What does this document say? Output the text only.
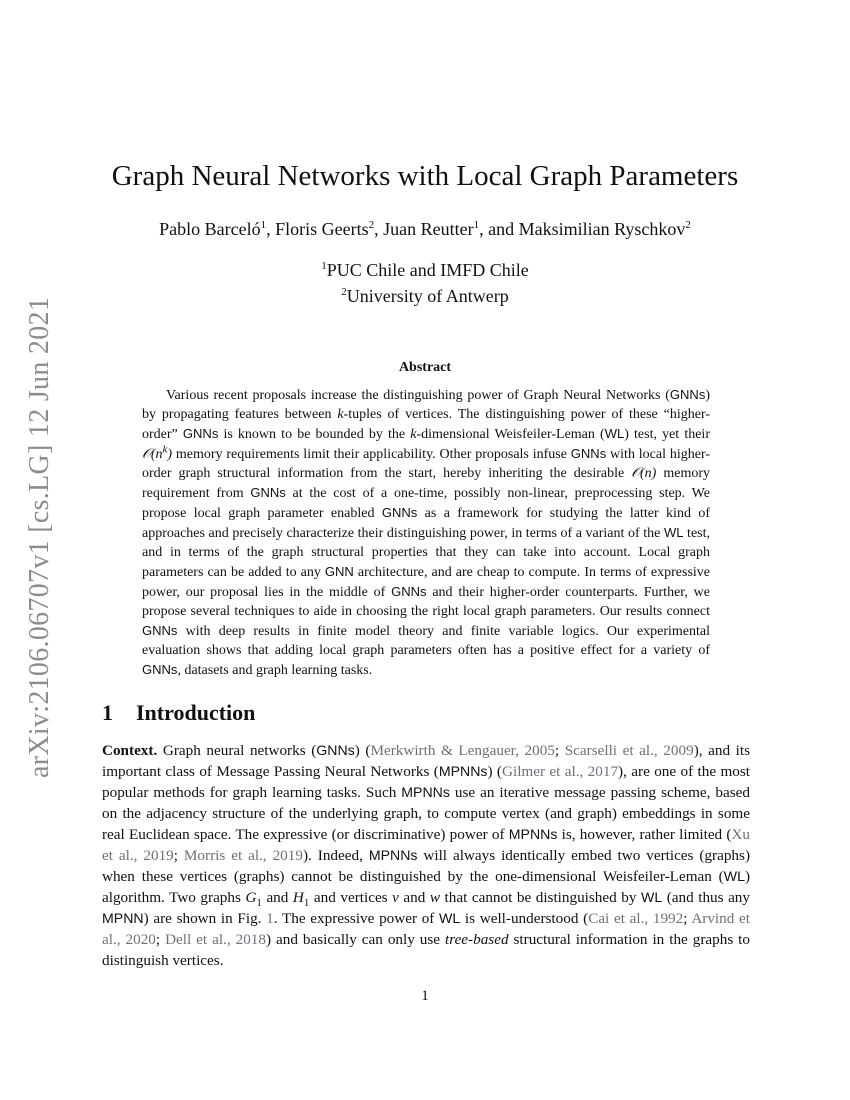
arXiv:2106.06707v1 [cs.LG] 12 Jun 2021
Graph Neural Networks with Local Graph Parameters
Pablo Barceló$^1$, Floris Geerts$^2$, Juan Reutter$^1$, and Maksimilian Ryschkov$^2$
$^1$PUC Chile and IMFD Chile
$^2$University of Antwerp
Abstract
Various recent proposals increase the distinguishing power of Graph Neural Networks (GNNs) by propagating features between k-tuples of vertices. The distinguishing power of these “higher-order” GNNs is known to be bounded by the k-dimensional Weisfeiler-Leman (WL) test, yet their $𝒪(n^k)$ memory requirements limit their applicability. Other proposals infuse GNNs with local higher-order graph structural information from the start, hereby inheriting the desirable 𝒪(n) memory requirement from GNNs at the cost of a one-time, possibly non-linear, preprocessing step. We propose local graph parameter enabled GNNs as a framework for studying the latter kind of approaches and precisely characterize their distinguishing power, in terms of a variant of the WL test, and in terms of the graph structural properties that they can take into account. Local graph parameters can be added to any GNN architecture, and are cheap to compute. In terms of expressive power, our proposal lies in the middle of GNNs and their higher-order counterparts. Further, we propose several techniques to aide in choosing the right local graph parameters. Our results connect GNNs with deep results in finite model theory and finite variable logics. Our experimental evaluation shows that adding local graph parameters often has a positive effect for a variety of GNNs, datasets and graph learning tasks.
1 Introduction
Context. Graph neural networks (GNNs) (Merkwirth & Lengauer, 2005; Scarselli et al., 2009), and its important class of Message Passing Neural Networks (MPNNs) (Gilmer et al., 2017), are one of the most popular methods for graph learning tasks. Such MPNNs use an iterative message passing scheme, based on the adjacency structure of the underlying graph, to compute vertex (and graph) embeddings in some real Euclidean space. The expressive (or discriminative) power of MPNNs is, however, rather limited (Xu et al., 2019; Morris et al., 2019). Indeed, MPNNs will always identically embed two vertices (graphs) when these vertices (graphs) cannot be distinguished by the one-dimensional Weisfeiler-Leman (WL) algorithm. Two graphs $G_1$ and $H_1$ and vertices v and w that cannot be distinguished by WL (and thus any MPNN) are shown in Fig. 1. The expressive power of WL is well-understood (Cai et al., 1992; Arvind et al., 2020; Dell et al., 2018) and basically can only use tree-based structural information in the graphs to distinguish vertices.
1
